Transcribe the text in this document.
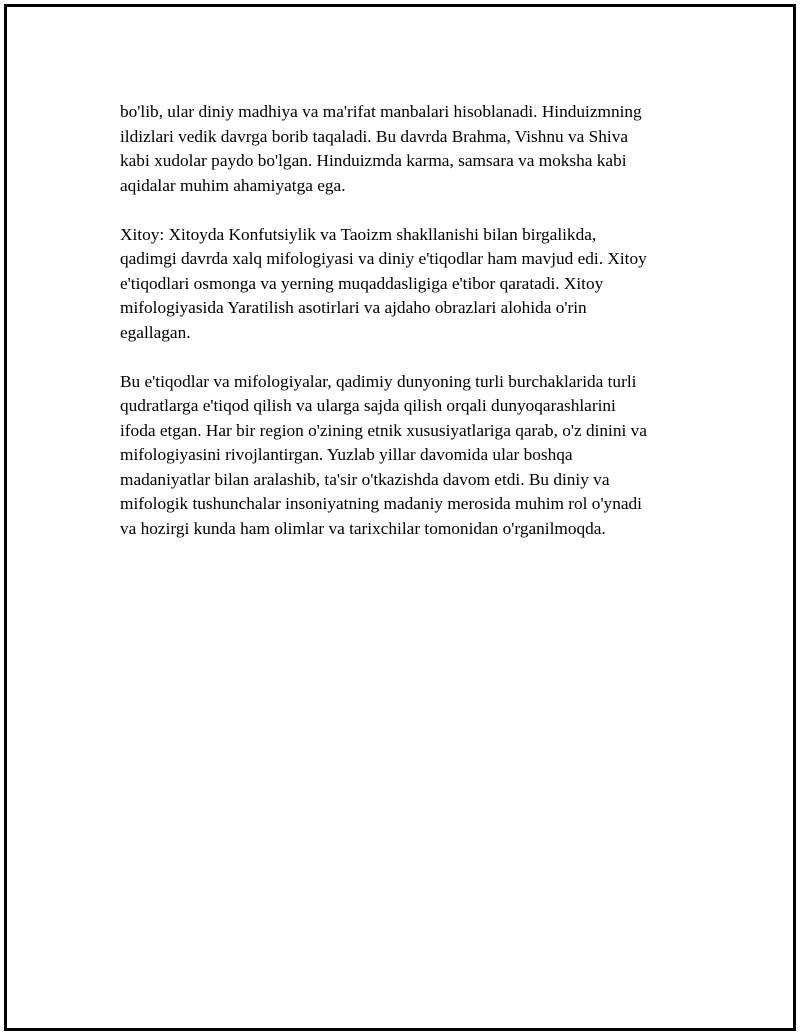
bo'lib, ular diniy madhiya va ma'rifat manbalari hisoblanadi. Hinduizmning
ildizlari vedik davrga borib taqaladi. Bu davrda Brahma, Vishnu va Shiva
kabi xudolar paydo bo'lgan. Hinduizmda karma, samsara va moksha kabi
aqidalar muhim ahamiyatga ega.

Xitoy: Xitoyda Konfutsiylik va Taoizm shakllanishi bilan birgalikda,
qadimgi davrda xalq mifologiyasi va diniy e'tiqodlar ham mavjud edi. Xitoy
e'tiqodlari osmonga va yerning muqaddasligiga e'tibor qaratadi. Xitoy
mifologiyasida Yaratilish asotirlari va ajdaho obrazlari alohida o'rin
egallagan.

Bu e'tiqodlar va mifologiyalar, qadimiy dunyoning turli burchaklarida turli
qudratlarga e'tiqod qilish va ularga sajda qilish orqali dunyoqarashlarini
ifoda etgan. Har bir region o'zining etnik xususiyatlariga qarab, o'z dinini va
mifologiyasini rivojlantirgan. Yuzlab yillar davomida ular boshqa
madaniyatlar bilan aralashib, ta'sir o'tkazishda davom etdi. Bu diniy va
mifologik tushunchalar insoniyatning madaniy merosida muhim rol o'ynadi
va hozirgi kunda ham olimlar va tarixchilar tomonidan o'rganilmoqda.
